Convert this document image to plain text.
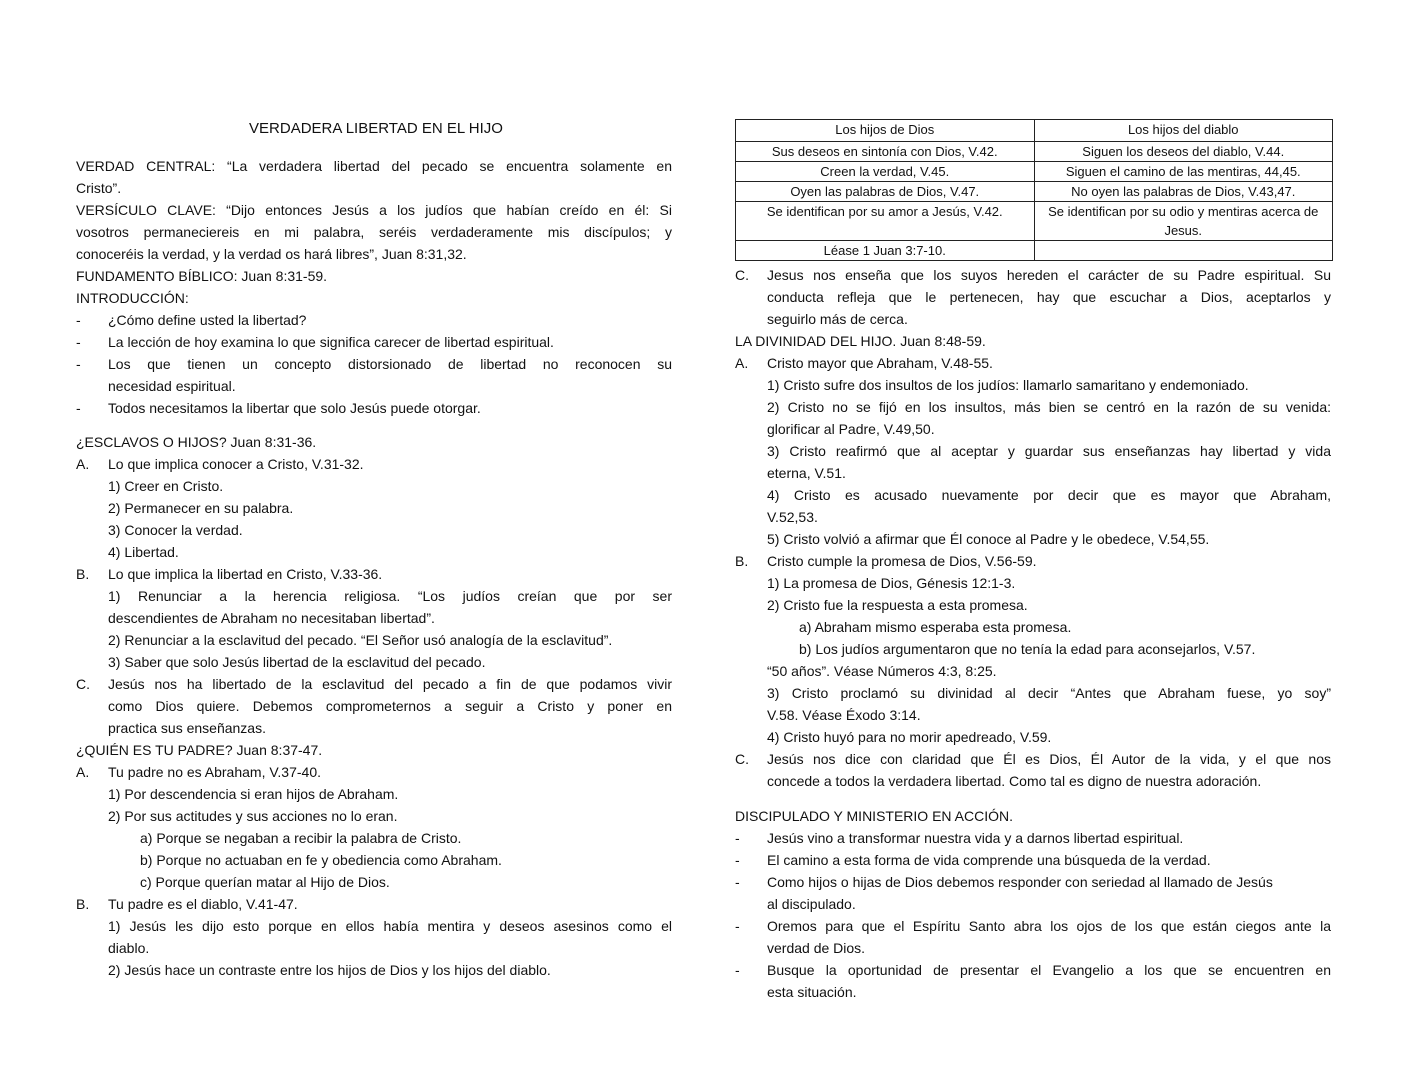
VERDADERA LIBERTAD EN EL HIJO
VERDAD CENTRAL: “La verdadera libertad del pecado se encuentra solamente en
Cristo”.
VERSÍCULO CLAVE: “Dijo entonces Jesús a los judíos que habían creído en él: Si
vosotros permaneciereis en mi palabra, seréis verdaderamente mis discípulos; y
conoceréis la verdad, y la verdad os hará libres”, Juan 8:31,32.
FUNDAMENTO BÍBLICO: Juan 8:31-59.
INTRODUCCIÓN:
-	¿Cómo define usted la libertad?
-	La lección de hoy examina lo que significa carecer de libertad espiritual.
-	Los que tienen un concepto distorsionado de libertad no reconocen su
necesidad espiritual.
-	Todos necesitamos la libertar que solo Jesús puede otorgar.
¿ESCLAVOS O HIJOS? Juan 8:31-36.
A.	Lo que implica conocer a Cristo, V.31-32.
1) Creer en Cristo.
2) Permanecer en su palabra.
3) Conocer la verdad.
4) Libertad.
B.	Lo que implica la libertad en Cristo, V.33-36.
1) Renunciar a la herencia religiosa. “Los judíos creían que por ser
descendientes de Abraham no necesitaban libertad”.
2) Renunciar a la esclavitud del pecado. “El Señor usó analogía de la esclavitud”.
3) Saber que solo Jesús libertad de la esclavitud del pecado.
C.	Jesús nos ha libertado de la esclavitud del pecado a fin de que podamos vivir
como Dios quiere. Debemos comprometernos a seguir a Cristo y poner en
practica sus enseñanzas.
¿QUIÉN ES TU PADRE? Juan 8:37-47.
A.	Tu padre no es Abraham, V.37-40.
1) Por descendencia si eran hijos de Abraham.
2) Por sus actitudes y sus acciones no lo eran.
a) Porque se negaban a recibir la palabra de Cristo.
b) Porque no actuaban en fe y obediencia como Abraham.
c) Porque querían matar al Hijo de Dios.
B.	Tu padre es el diablo, V.41-47.
1) Jesús les dijo esto porque en ellos había mentira y deseos asesinos como el
diablo.
2) Jesús hace un contraste entre los hijos de Dios y los hijos del diablo.
Los hijos de Dios	Los hijos del diablo
Sus deseos en sintonía con Dios, V.42.	Siguen los deseos del diablo, V.44.
Creen la verdad, V.45.	Siguen el camino de las mentiras, 44,45.
Oyen las palabras de Dios, V.47.	No oyen las palabras de Dios, V.43,47.
Se identifican por su amor a Jesús, V.42.	Se identifican por su odio y mentiras acerca de Jesus.
Léase 1 Juan 3:7-10.	
C.	Jesus nos enseña que los suyos hereden el carácter de su Padre espiritual. Su
conducta refleja que le pertenecen, hay que escuchar a Dios, aceptarlos y
seguirlo más de cerca.
LA DIVINIDAD DEL HIJO. Juan 8:48-59.
A.	Cristo mayor que Abraham, V.48-55.
1) Cristo sufre dos insultos de los judíos: llamarlo samaritano y endemoniado.
2) Cristo no se fijó en los insultos, más bien se centró en la razón de su venida:
glorificar al Padre, V.49,50.
3) Cristo reafirmó que al aceptar y guardar sus enseñanzas hay libertad y vida
eterna, V.51.
4) Cristo es acusado nuevamente por decir que es mayor que Abraham,
V.52,53.
5) Cristo volvió a afirmar que Él conoce al Padre y le obedece, V.54,55.
B.	Cristo cumple la promesa de Dios, V.56-59.
1) La promesa de Dios, Génesis 12:1-3.
2) Cristo fue la respuesta a esta promesa.
a) Abraham mismo esperaba esta promesa.
b) Los judíos argumentaron que no tenía la edad para aconsejarlos, V.57.
“50 años”. Véase Números 4:3, 8:25.
3) Cristo proclamó su divinidad al decir “Antes que Abraham fuese, yo soy”
V.58. Véase Éxodo 3:14.
4) Cristo huyó para no morir apedreado, V.59.
C.	Jesús nos dice con claridad que Él es Dios, Él Autor de la vida, y el que nos
concede a todos la verdadera libertad. Como tal es digno de nuestra adoración.
DISCIPULADO Y MINISTERIO EN ACCIÓN.
-	Jesús vino a transformar nuestra vida y a darnos libertad espiritual.
-	El camino a esta forma de vida comprende una búsqueda de la verdad.
-	Como hijos o hijas de Dios debemos responder con seriedad al llamado de Jesús
al discipulado.
-	Oremos para que el Espíritu Santo abra los ojos de los que están ciegos ante la
verdad de Dios.
-	Busque la oportunidad de presentar el Evangelio a los que se encuentren en
esta situación.
